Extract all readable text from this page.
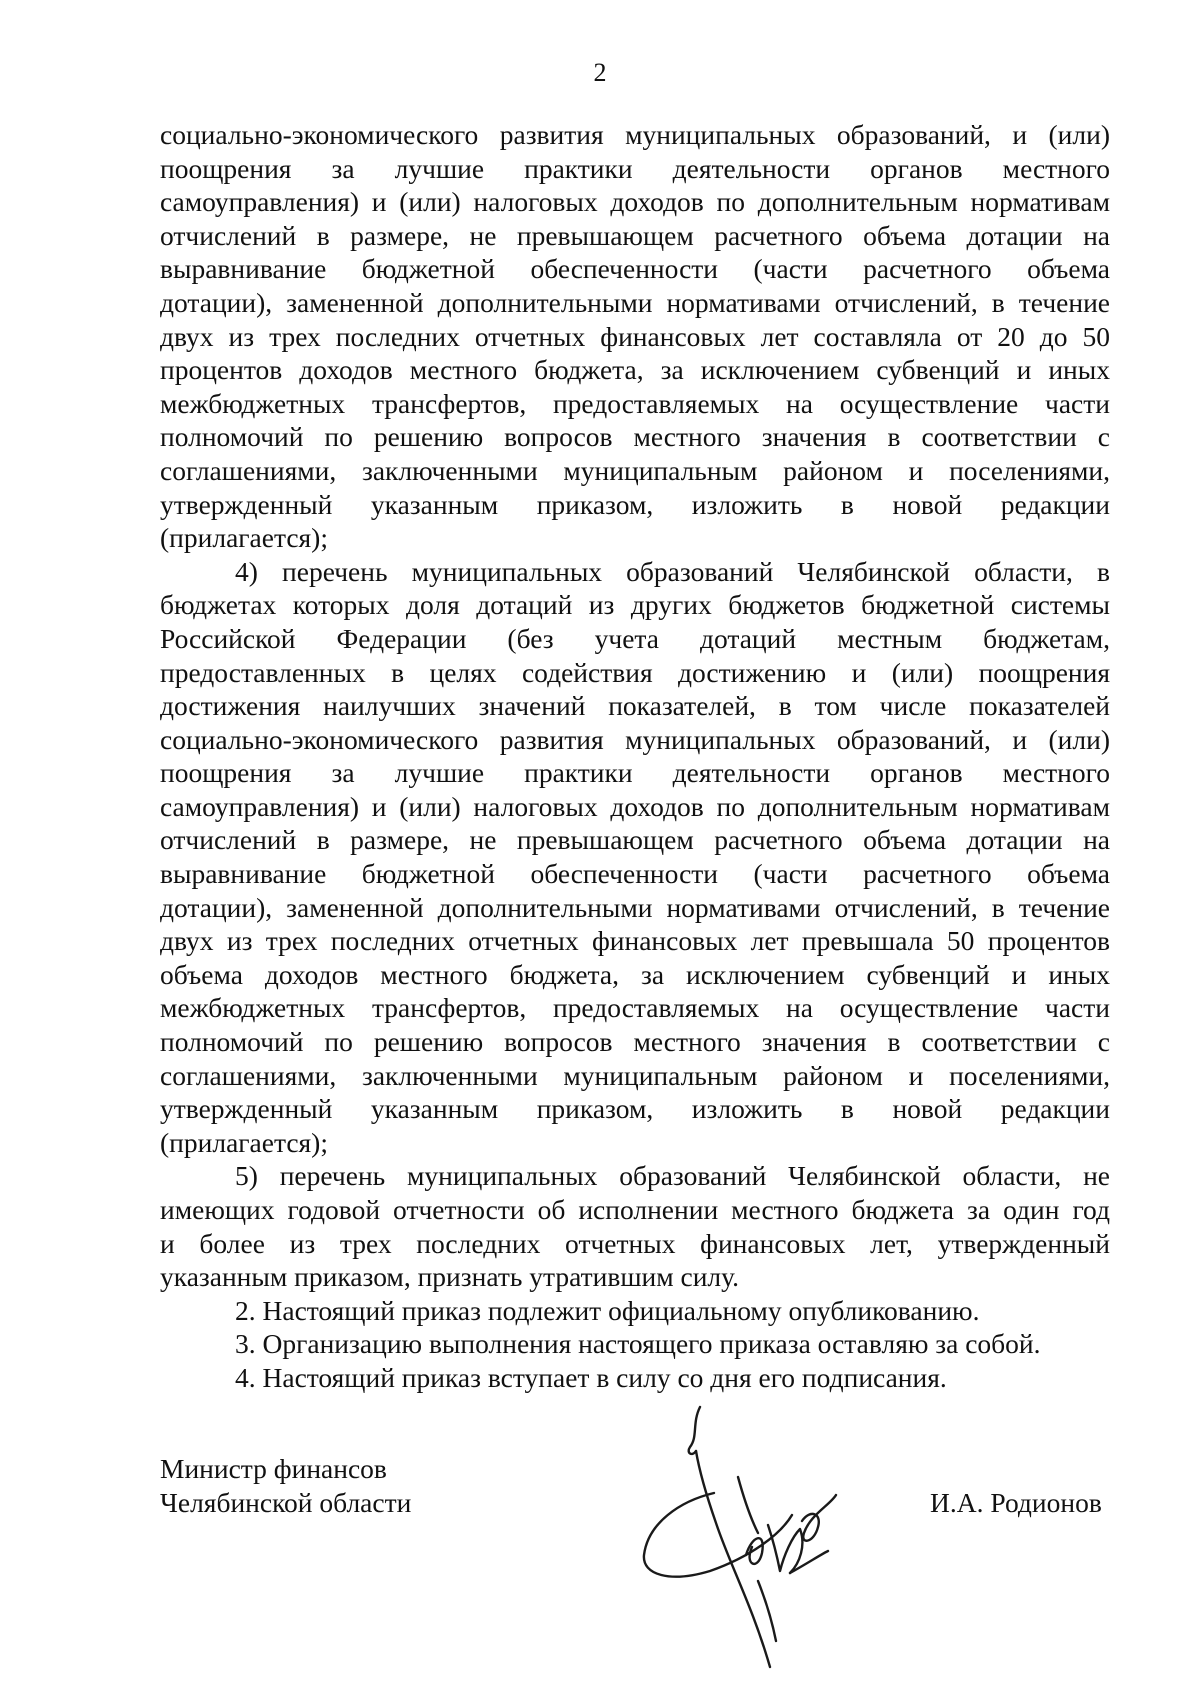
2
социально-экономического развития муниципальных образований, и (или)
поощрения за лучшие практики деятельности органов местного
самоуправления) и (или) налоговых доходов по дополнительным нормативам
отчислений в размере, не превышающем расчетного объема дотации на
выравнивание бюджетной обеспеченности (части расчетного объема
дотации), замененной дополнительными нормативами отчислений, в течение
двух из трех последних отчетных финансовых лет составляла от 20 до 50
процентов доходов местного бюджета, за исключением субвенций и иных
межбюджетных трансфертов, предоставляемых на осуществление части
полномочий по решению вопросов местного значения в соответствии с
соглашениями, заключенными муниципальным районом и поселениями,
утвержденный указанным приказом, изложить в новой редакции
(прилагается);
4) перечень муниципальных образований Челябинской области, в
бюджетах которых доля дотаций из других бюджетов бюджетной системы
Российской Федерации (без учета дотаций местным бюджетам,
предоставленных в целях содействия достижению и (или) поощрения
достижения наилучших значений показателей, в том числе показателей
социально-экономического развития муниципальных образований, и (или)
поощрения за лучшие практики деятельности органов местного
самоуправления) и (или) налоговых доходов по дополнительным нормативам
отчислений в размере, не превышающем расчетного объема дотации на
выравнивание бюджетной обеспеченности (части расчетного объема
дотации), замененной дополнительными нормативами отчислений, в течение
двух из трех последних отчетных финансовых лет превышала 50 процентов
объема доходов местного бюджета, за исключением субвенций и иных
межбюджетных трансфертов, предоставляемых на осуществление части
полномочий по решению вопросов местного значения в соответствии с
соглашениями, заключенными муниципальным районом и поселениями,
утвержденный указанным приказом, изложить в новой редакции
(прилагается);
5) перечень муниципальных образований Челябинской области, не
имеющих годовой отчетности об исполнении местного бюджета за один год
и более из трех последних отчетных финансовых лет, утвержденный
указанным приказом, признать утратившим силу.
2. Настоящий приказ подлежит официальному опубликованию.
3. Организацию выполнения настоящего приказа оставляю за собой.
4. Настоящий приказ вступает в силу со дня его подписания.
Министр финансов
Челябинской области	И.А. Родионов
